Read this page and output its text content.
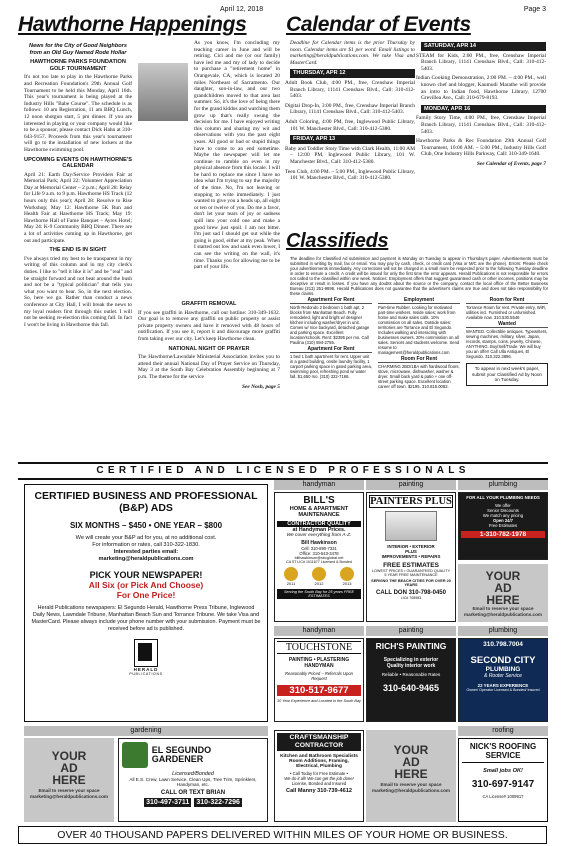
April 12, 2018	Page 3
Hawthorne Happenings
News for the City of Good Neighbors from an Old Guy Named Rode Hollar
HAWTHORNE PARKS FOUNDATION GOLF TOURNAMENT

It's not too late to play in the Hawthorne Parks and Recreation Foundation's 29th Annual Golf Tournament to be held this Monday, April 16th. This year's tournament is being played at the Industry Hills "Babe Course". The schedule is as follows: 10 am Registration, 11 am BBQ Lunch, 12 noon shotgun start, 5 pm dinner. If you are interested in playing or your company would like to be a sponsor, please contact Dick Hahn at 310-643-9157. Proceeds from this year's tournament will go to the installation of new lockers at the Hawthorne swimming pool.

UPCOMING EVENTS ON HAWTHORNE'S CALENDAR

April 21: Earth Day/Service Providers Fair at Memorial Park; April 22: Volunteer Appreciation Day at Memorial Center – 2 p.m.; April 28: Relay for Life 9 a.m. to 9 p.m. Hawthorne HS Track (12 hours only this year); April 28: Resolve to Rise Workshop; May 12: Hawthorne 5K Run and Health Fair at Hawthorne HS Track; May 19: Hawthorne Hall of Fame Banquet – Ayres Hotel; May 24: K-9 Community BBQ Dinner. There are a lot of activities coming up in Hawthorne, get out and participate.

THE END IS IN SIGHT

I've always tried my best to be transparent in my writing of this column and in my city clerk's duties. I like to "tell it like it is" and be "real" and be straight forward and not beat around the bush and not be a "typical politician" that tells you what you want to hear. So, in the next election. So, here we go. Rather than conduct a news conference at City Hall, I will break the news to my loyal readers first through this outlet. I will not be seeking re-election this coming fall. In fact I won't be living in Hawthorne this fall.

As you know, I'm concluding my teaching career in June and will be retiring. Cici and me (or our family) have led me and my of lady to decide to purchase a "retirement home" in Orangevale, CA, which is located 20 miles Northeast of Sacramento. Our daughter, son-in-law, and our two grandchildren moved to that area last summer. So, it's the love of being there for the grand kiddos and watching them grow up that's really swung the decision for me. I have enjoyed writing this column and sharing my wit and observations with you the past eight years. All good or bad or stupid things have to come to an end sometime. Maybe the newspaper will let me continue to ramble on even in my physical absence from this locale. I will be hard to replace me since I have no idea what I'm trying to say the majority of the time. No, I'm not leaving or stopping to write immediately. I just wanted to give you a heads up, all eight or ten or twelve of you. Do me a favor, don't let your tears of joy or sadness spill into your cold one and make a good brew just spoil. I am not bitter. I'm just sad I should get out while the going is good, either at my peak. When I started out low and sank even lower, I can see the writing on the wall, it's time. Thanks you for allowing me to be part of your life.

GRAFFITI REMOVAL

If you see graffiti in Hawthorne, call our hotline: 310-349-1632. Our goal is to remove any graffiti on public property or assist private property owners and have it removed with 48 hours of notification. If you see it, report it and discourage more graffiti from taking over our city. Let's keep Hawthorne clean.

NATIONAL NIGHT OF PRAYER

The Hawthorne/Lawndale Ministerial Association invites you to attend their annual National Day of Prayer Service on Thursday, May 3 at the South Bay Celebration Assembly beginning at 7 p.m. The theme for the service

See Nosh, page 5

Calendar of Events

Deadline for Calendar items is the prior Thursday by noon. Calendar items are $1 per word. Email listings to marketing@heraldpublications.com. We take Visa and MasterCard.

THURSDAY, APR 12

Adult Book Club, 4:00 PM., free, Crenshaw Imperial Branch Library, 11141 Crenshaw Blvd., Call: 310-412-5403.

Digital Drop-In, 3:00 PM., free, Crenshaw Imperial Branch Library, 11141 Crenshaw Blvd., Call: 310-412-5403.

Adult Coloring, 4:00 PM, free, Inglewood Public Library, 101 W. Manchester Blvd., Call: 310-412-5380.

FRIDAY, APR 13

Baby and Toddler Story Time with Clark Health, 11:00 AM – 12:00 PM, Inglewood Public Library, 101 W. Manchester Blvd., Call: 310-412-5380.

Teen Club, 4:00 PM. – 5:00 PM., Inglewood Public Library, 101 W. Manchester Blvd., Call: 310-412-5380.

SATURDAY, APR 14

STEAM for Kids, 2:00 PM., free, Crenshaw Imperial Branch Library, 11141 Crenshaw Blvd., Call: 310-412-5403.

Indian Cooking Demonstration, 2:00 PM. – 4:00 PM., well known chef and blogger, Kaumudi Marathe will provide an intro to Indian food, Hawthorne Library, 12700 Grevillea Ave., Call: 310-679-8193.

MONDAY, APR 16

Family Story Time, 4:00 PM., free, Crenshaw Imperial Branch Library, 11141 Crenshaw Blvd., Call: 310-412-5403.

Hawthorne Parks & Rec Foundation 29th Annual Golf Tournament, 10:00 AM. – 5:00 PM., Industry Hills Golf Club, One Industry Hills Parkway, Call: 310-349-1640.

See Calendar of Events, page 7

Classifieds
The deadline for Classified Ad submission and payment is Monday on Tuesday to appear in Thursday's paper. Advertisements must be submitted in writing by mail, fax or email. You may pay by cash, check, or credit card (Visa or M/C are the phone). Errors: Please check your advertisements immediately. Any corrections will not be charged in a small more be respected prior to the following Tuesday deadline in order to ensure a credit. A credit will be issued for only the first time the error appears. Herald Publications is not responsible for errors not called to the classified within one week. Notices: Employment offers that suggest guaranteed cash or other incomes, positions may be deceptive or result in losses. If you have any doubts about the source or the company, contact the local office of the Better Business Bureau (213) 251-9696. Herald Publications does not guarantee that the advertiser's claims are true and does not take responsibility for these claims.
Apartment For Rent
North Redondo 2 bedroom 1 bath apt, 2 blocks from Manhattan Beach. Fully remodeled, light and bright w/ designer kitchen including washer/dryer in unit. Comes w/ nice backyard, detached garage and parking space. Excellent location/schools. Rent: $2395 per mo. Call Paulina (310) 594-2755.
Apartment For Rent
1 bed 1 bath apartment for rent. Upper unit in a gated building, onsite laundry facility, 1 carport parking space in gated parking area, swimming pool, refreshing pond w/ water fall. $1,650 mo. (310) 322-7166.
Employment
Part-time Rubber. Looking for motivated part-time workers. Inside sales; work from home and make sales calls. 10% commission on all sales. Outside sales: territories are Torrance and El Segundo. Includes walking and interacting with businesses owners. 20% commission on all sales. Seniors and students welcome. Send resume to management@heraldpublications.com
Room For Rent
CHARMING 2BD/1BA with hardwood floors, stove, microwave, dishwasher, washer & dryer. Small back yard & patio + one off-street parking space. Excellent location career off town. $2195. 310.815.0082.
Room for Rent
Torrance Room for rent. Private entry, WiFi, utilities incl. Furnished or unfurnished. Available now. 310.530.5546
Wanted
WANTED. Collectible antiques. Typewriters, sewing machines, military, silver, Japan, records, stamps, coins, jewelry, Chinese, ANYTHING. Buy/Sell/Trade. We will buy you an offer! Call Ulla Antiques, El Segundo. 310.322.3896.
To appear in next week's paper, submit your Classified Ad by Noon on Tuesday.
CERTIFIED AND LICENSED PROFESSIONALS
CERTIFIED BUSINESS AND PROFESSIONAL (B&P) ADS
SIX MONTHS – $450 • ONE YEAR – $800
We will create your B&P ad for you, at no additional cost.
For information or rates, call 310-322-1830.
Interested parties email:
marketing@heraldpublications.com
PICK YOUR NEWSPAPER!
All Six (or Pick And Choose)
For One Price!
Herald Publications newspapers: El Segundo Herald, Hawthorne Press Tribune, Inglewood Daily News, Lawndale Tribune, Manhattan Beach Sun and Torrance Tribune. We take Visa and MasterCard. Please always include your phone number with your submission. Payment must be received before ad is published.
HERALD
PUBLICATIONS
handyman	painting	plumbing
BILL'S
HOME & APARTMENT MAINTENANCE
CONTRACTOR QUALITY
at Handyman Prices.
We cover everything from A-Z.
Bill Hawkinson
Cell: 310-890-7331
Office: 310-543-3478
billhawkinson@sbcglobal.net
CA ST LIC# 1011677 Licensed & Bonded
2011	2012	2013
Serving the South Bay for 25 years FREE ESTIMATES
PAINTERS PLUS
INTERIOR • EXTERIOR
PLUS
IMPROVEMENTS • REPAIRS
FREE ESTIMATES
LOWEST PRICES • GUARANTEED QUALITY
5 YEAR FREE MAINTENANCE
SERVING THE BEACH CITIES FOR OVER 20 YEARS
CALL DON 310-798-0450
LIC# 708983
FOR ALL YOUR PLUMBING NEEDS
We offer
Senior Discounts
We match any pricing
Open 24/7
Free Estimates
1-310-782-1978
YOUR
AD
HERE
Email to reserve your space
marketing@heraldpublications.com
handyman	painting	plumbing
TOUCHSTONE
PAINTING • PLASTERING
HANDYMAN
Reasonably Priced – Referrals Upon Request
310-517-9677
30 Year Experience and Located in the South Bay
RICH'S PAINTING
Specializing in exterior
Quality interior work
Reliable • Reasonable Rates
310-640-9465
310.798.7004
SECOND CITY
PLUMBING
& Rooter Service
22 YEARS EXPERIENCE
Owner/ Operator Licensed & Bonded/ Insured
gardening	roofing
YOUR
AD
HERE
Email to reserve your space
marketing@heraldpublications.com
EL SEGUNDO GARDENER
Licensed/Bonded
All E.S. Crew, Lawn Service, Clean Ups, Tree Trim, Sprinklers, Handyman, etc.
CALL OR TEXT BRIAN
310-497-3711 310-322-7296
CRAFTSMANSHIP CONTRACTOR
Kitchen and Bathroom Specialists
Room Additions, Framing,
Electrical, Plumbing
• Call Today for Free Estimate •
We do it all! We can get the job done!
License, Bonded and Insured
Call Manny 310-739-4612
YOUR
AD
HERE
Email to reserve your space
marketing@heraldpublications.com
NICK'S ROOFING SERVICE
Small jobs OK!
310-697-9147
CA License# 1009917
OVER 40 THOUSAND PAPERS DELIVERED WITHIN MILES OF YOUR HOME OR BUSINESS.
